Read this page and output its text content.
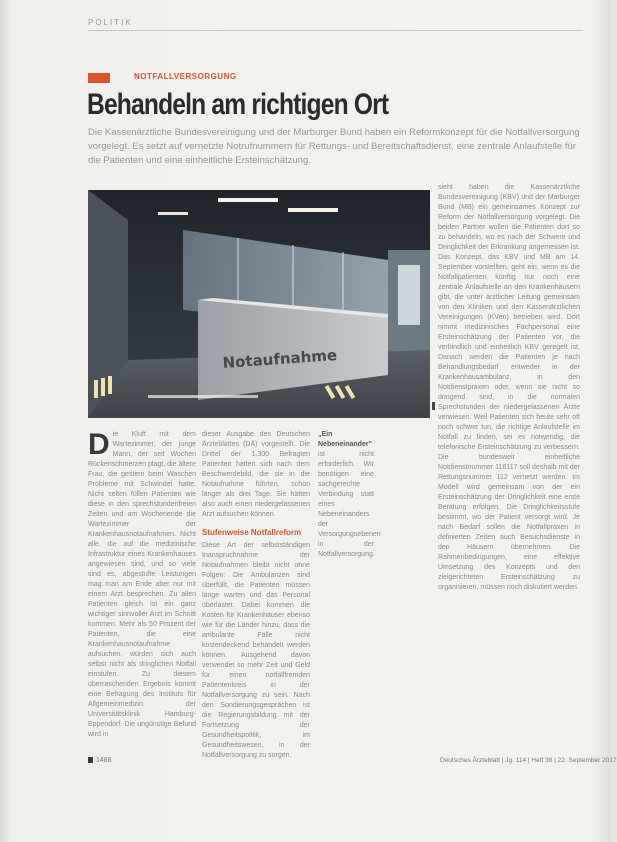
POLITIK
NOTFALLVERSORGUNG
Behandeln am richtigen Ort

Die Kassenärztliche Bundesvereinigung und der Marburger Bund haben ein Reformkonzept für die Notfallversorgung vorgelegt. Es setzt auf vernetzte Notrufnummern für Rettungs- und Bereitschaftsdienst, eine zentrale Anlaufstelle für die Patienten und eine einheitliche Ersteinschätzung.

Notaufnahme
Die Kluft mit dem Wartezimmer, der junge Mann, der seit Wochen Rückenschmerzen plagt, die ältere Frau, die gestern beim Waschen Probleme mit Schwindel hatte. Nicht selten füllen Patienten wie diese in den sprechstundenfreien Zeiten und am Wochenende die Wartezimmer der Krankenhausnotaufnahmen. Nicht alle, die auf die medizinische Infrastruktur eines Krankenhauses angewiesen sind, und so viele sind es, abgestufte Leistungen mag man am Ende aber nur mit einem Arzt besprechen. Zu allen Patienten gleich ist ein ganz wichtiger sinnvoller Arzt im Schnitt kommen. Mehr als 50 Prozent der Patienten, die eine Krankenhausnotaufnahme aufsuchen, würden sich auch selbst nicht als dringlichen Notfall einstufen. Zu diesem überraschenden Ergebnis kommt eine Befragung des Instituts für Allgemeinmedizin der Universitätsklinik Hamburg-Eppendorf. Die ungünstige Befund wird in

dieser Ausgabe des Deutschen Ärzteblattes (DÄ) vorgestellt. Die Drittel der 1.300 Befragten Patienten hatten sich nach dem Beschwerdebild, die sie in die Notaufnahme führten, schon länger als drei Tage. Sie hätten also auch einen niedergelassenen Arzt aufsuchen können.

Stufenweise Notfallreform

Diese Art der selbstständigen Inanspruchnahme der Notaufnahmen bleibt nicht ohne Folgen: Die Ambulanzen sind überfüllt, die Patienten müssen lange warten und das Personal überlastet. Dabei kommen die Kosten für Krankenhäuser ebenso wie für die Länder hinzu, dass die ambulante Fälle nicht kostendeckend behandelt werden können. Ausgehend davon verwendet so mehr Zeit und Geld für einen notfallfremden Patientenkreis in der Notfallversorgung zu sein. Nach den Sondierungsgesprächen ist die Regierungsbildung mit der Fortsetzung der Gesundheitspolitik, im Gesundheitswesen, in der Notfallversorgung zu sorgen.

„Ein Nebeneinander" ist nicht erforderlich. Wir benötigen eine sachgerechte Verbindung statt eines Nebeneinanders der Versorgungsebenen in der Notfallversorgung.

sieht haben die Kassenärztliche Bundesvereinigung (KBV) und der Marburger Bund (MB) ein gemeinsames Konzept zur Reform der Notfallversorgung vorgelegt. Die beiden Partner wollen die Patienten dort so zu behandeln, wo es nach der Schwere und Dringlichkeit der Erkrankung angemessen ist. Das Konzept, das KBV und MB am 14. September vorstellten, geht ein, wenn es die Notfallpatienten künftig nur noch eine zentrale Anlaufstelle an den Krankenhäusern gibt, die unter ärztlicher Leitung gemeinsam von den Kliniken und den Kassenärztlichen Vereinigungen (KVen) betrieben wird. Dort nimmt medizinisches Fachpersonal eine Ersteinschätzung der Patienten vor, die verbindlich und einheitlich KBV geregelt ist. Danach werden die Patienten je nach Behandlungsbedarf entweder in der Krankenhausambulanz, in den Notdienstpraxen oder, wenn sie nicht so dringend sind, in die normalen Sprechstunden der niedergelassenen Ärzte verwiesen. Weil Patienten sich heute sehr oft noch schwer tun, die richtige Anlaufstelle im Notfall zu finden, sei es notwendig, die telefonische Ersteinschätzung zu verbessern. Die bundesweit einheitliche Notdienstnummer 116117 soll deshalb mit der Rettungsnummer 112 vernetzt werden. Im Modell wird gemeinsam von der ein Ersteinschätzung der Dringlichkeit eine erste Beratung erfolgen. Die Dringlichkeitsstufe bestimmt, wo der Patient versorgt wird. Je nach Bedarf sollen die Notfallpraxen in definierten Zeiten auch Besuchsdienste in den Häusern übernehmen. Die Rahmenbedingungen, eine effektive Umsetzung des Konzepts und den zielgerichteten Ersteinschätzung zu organisieren, müssen noch diskutiert werden.

1488	Deutsches Ärzteblatt | Jg. 114 | Heft 38 | 22. September 2017
